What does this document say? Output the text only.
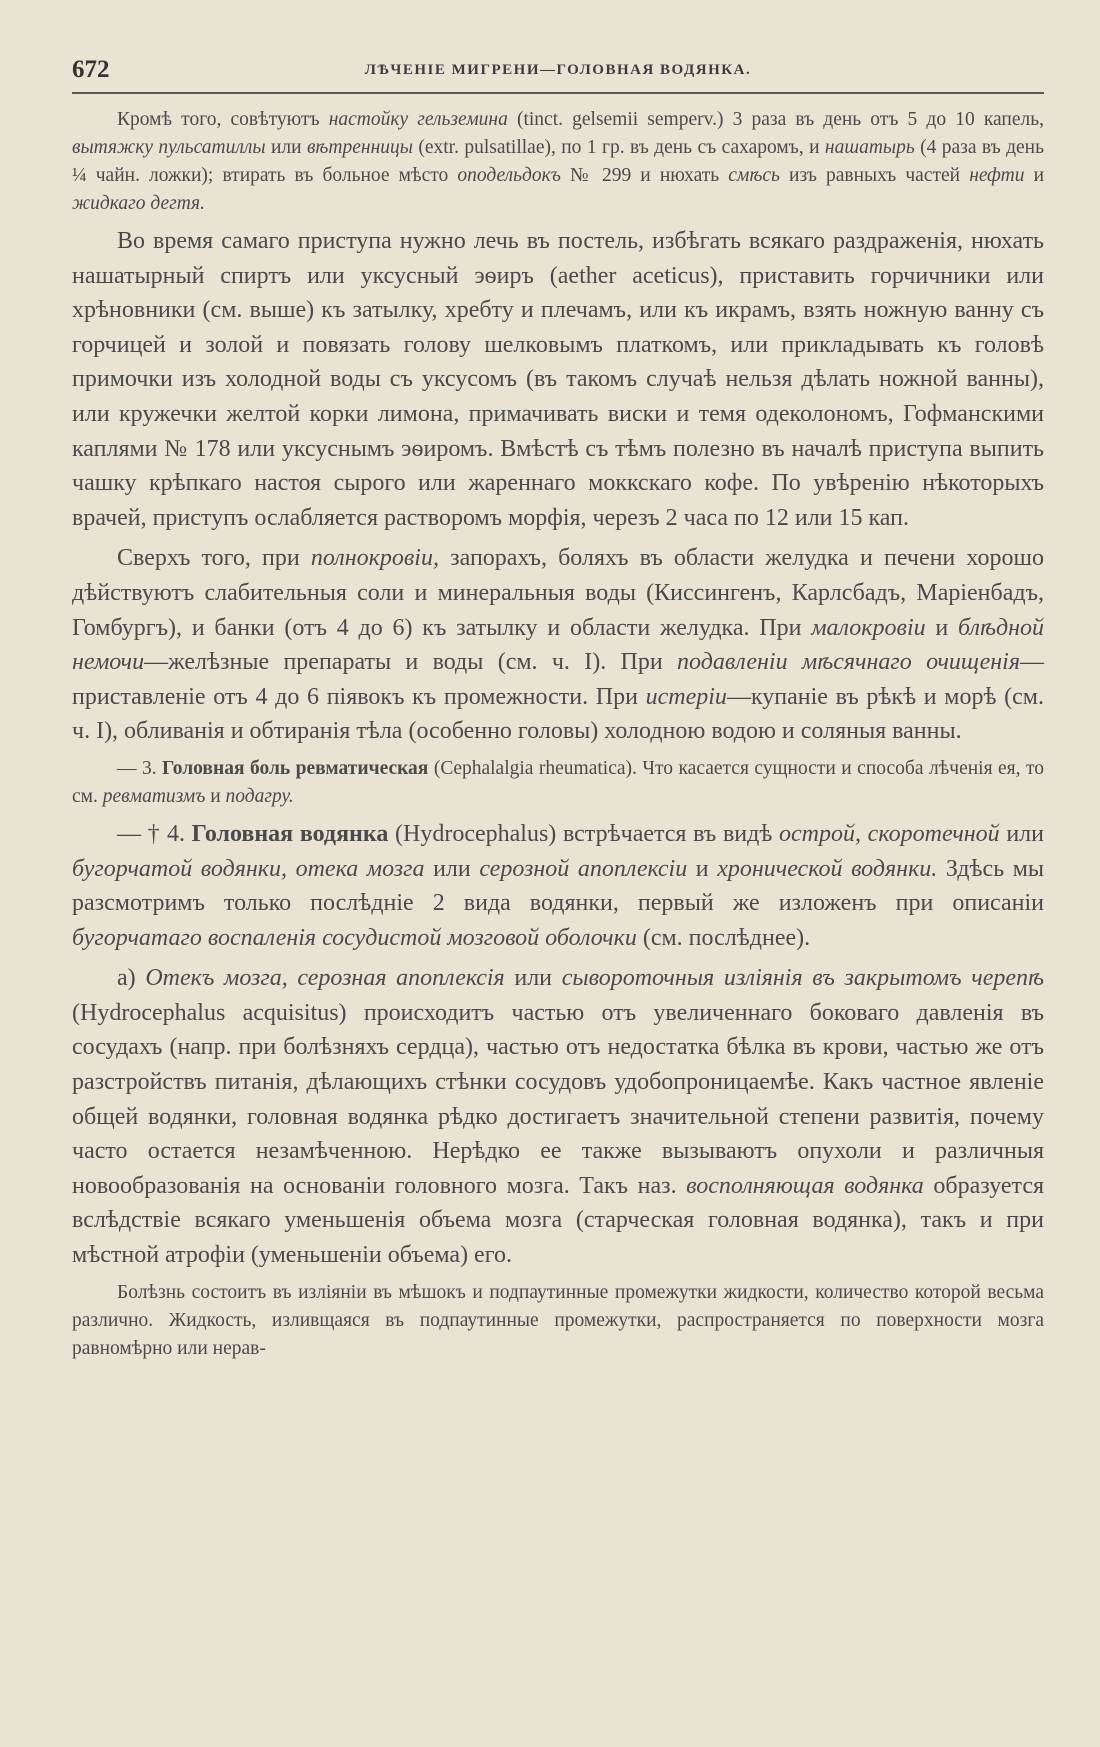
672	ЛѢЧЕНІЕ МИГРЕНИ—ГОЛОВНАЯ ВОДЯНКА.

Кромѣ того, совѣтуютъ настойку гельземина (tinct. gelsemii semperv.) 3 раза въ день отъ 5 до 10 капель, вытяжку пульсатиллы или вѣтренницы (extr. pulsatillae), по 1 гр. въ день съ сахаромъ, и нашатырь (4 раза въ день ¼ чайн. ложки); втирать въ больное мѣсто оподельдокъ № 299 и нюхать смѣсь изъ равныхъ частей нефти и жидкаго дегтя.

Во время самаго приступа нужно лечь въ постель, избѣгать всякаго раздраженія, нюхать нашатырный спиртъ или уксусный эѳиръ (aether aceticus), приставить горчичники или хрѣновники (см. выше) къ затылку, хребту и плечамъ, или къ икрамъ, взять ножную ванну съ горчицей и золой и повязать голову шелковымъ платкомъ, или прикладывать къ головѣ примочки изъ холодной воды съ уксусомъ (въ такомъ случаѣ нельзя дѣлать ножной ванны), или кружечки желтой корки лимона, примачивать виски и темя одеколономъ, Гофманскими каплями № 178 или уксуснымъ эѳиромъ. Вмѣстѣ съ тѣмъ полезно въ началѣ приступа выпить чашку крѣпкаго настоя сырого или жареннаго моккскаго кофе. По увѣренію нѣкоторыхъ врачей, приступъ ослабляется растворомъ морфія, черезъ 2 часа по 12 или 15 кап.

Сверхъ того, при полнокровіи, запорахъ, боляхъ въ области желудка и печени хорошо дѣйствуютъ слабительныя соли и минеральныя воды (Киссингенъ, Карлсбадъ, Маріенбадъ, Гомбургъ), и банки (отъ 4 до 6) къ затылку и области желудка. При малокровіи и блѣдной немочи—желѣзные препараты и воды (см. ч. I). При подавленіи мѣсячнаго очищенія—приставленіе отъ 4 до 6 піявокъ къ промежности. При истеріи—купаніе въ рѣкѣ и морѣ (см. ч. I), обливанія и обтиранія тѣла (особенно головы) холодною водою и соляныя ванны.

— 3. Головная боль ревматическая (Cephalalgia rheumatica). Что касается сущности и способа лѣченія ея, то см. ревматизмъ и подагру.

— † 4. Головная водянка (Hydrocephalus) встрѣчается въ видѣ острой, скоротечной или бугорчатой водянки, отека мозга или серозной апоплексіи и хронической водянки. Здѣсь мы разсмотримъ только послѣдніе 2 вида водянки, первый же изложенъ при описаніи бугорчатаго воспаленія сосудистой мозговой оболочки (см. послѣднее).

а) Отекъ мозга, серозная апоплексія или сывороточныя изліянія въ закрытомъ черепѣ (Hydrocephalus acquisitus) происходитъ частью отъ увеличеннаго боковаго давленія въ сосудахъ (напр. при болѣзняхъ сердца), частью отъ недостатка бѣлка въ крови, частью же отъ разстройствъ питанія, дѣлающихъ стѣнки сосудовъ удобопроницаемѣе. Какъ частное явленіе общей водянки, головная водянка рѣдко достигаетъ значительной степени развитія, почему часто остается незамѣченною. Нерѣдко ее также вызываютъ опухоли и различныя новообразованія на основаніи головного мозга. Такъ наз. восполняющая водянка образуется вслѣдствіе всякаго уменьшенія объема мозга (старческая головная водянка), такъ и при мѣстной атрофіи (уменьшеніи объема) его.

Болѣзнь состоитъ въ изліяніи въ мѣшокъ и подпаутинные промежутки жидкости, количество которой весьма различно. Жидкость, изливщаяся въ подпаутинные промежутки, распространяется по поверхности мозга равномѣрно или нерав-
